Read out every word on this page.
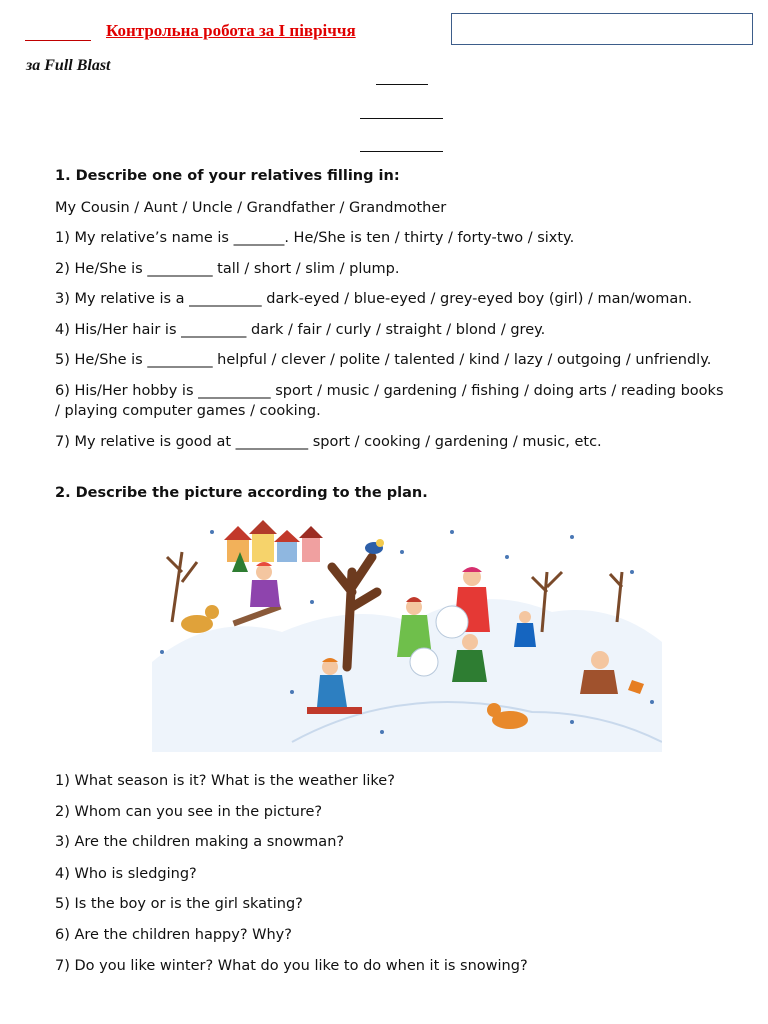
Контрольна робота за І півріччя
за Full Blast
1. Describe one of your relatives filling in:
My Cousin / Aunt / Uncle / Grandfather / Grandmother
1) My relative’s name is _______. He/She is ten / thirty / forty-two / sixty.
2) He/She is _________ tall / short / slim / plump.
3) My relative is a __________ dark-eyed / blue-eyed / grey-eyed boy (girl) / man/woman.
4) His/Her hair is _________ dark / fair / curly / straight / blond / grey.
5) He/She is _________ helpful / clever / polite / talented / kind / lazy / outgoing / unfriendly.
6) His/Her hobby is __________ sport / music / gardening / fishing / doing arts / reading books
/ playing computer games / cooking.
7) My relative is good at __________ sport / cooking / gardening / music, etc.
2. Describe the picture according to the plan.
1) What season is it? What is the weather like?
2) Whom can you see in the picture?
3) Are the children making a snowman?
4) Who is sledging?
5) Is the boy or is the girl skating?
6) Are the children happy? Why?
7) Do you like winter? What do you like to do when it is snowing?
